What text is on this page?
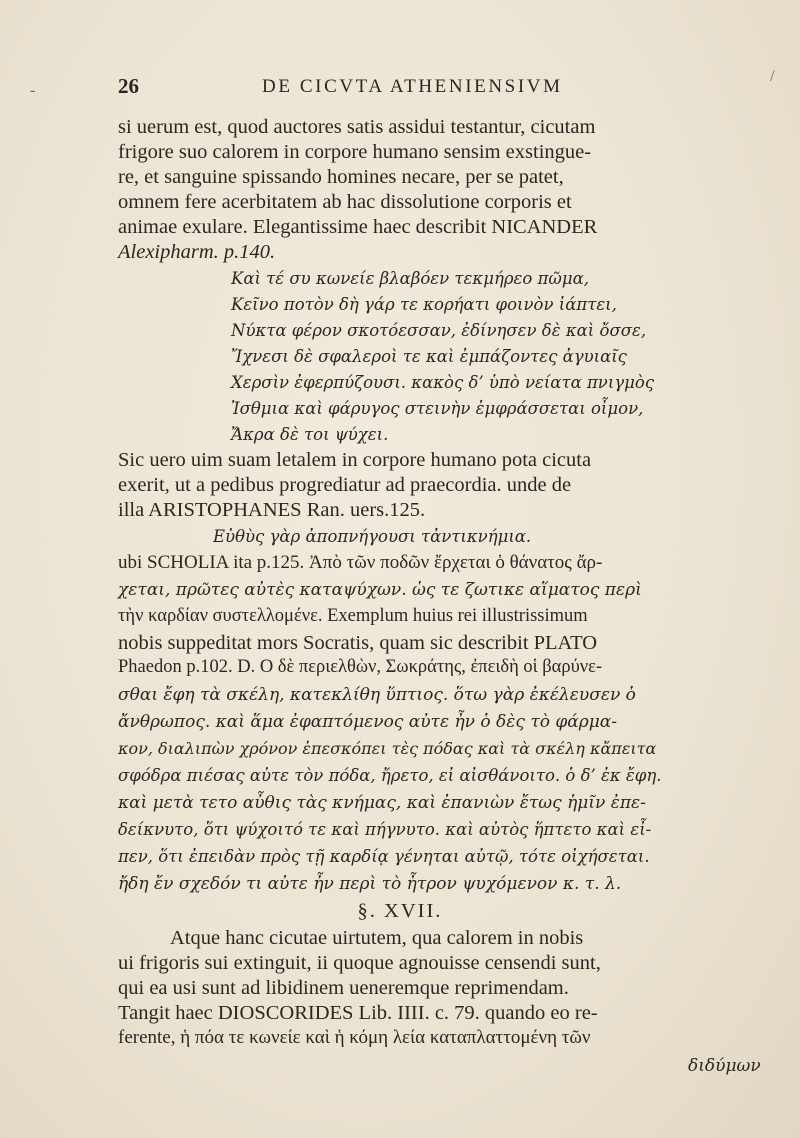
26	DE CICVTA ATHENIENSIVM
si uerum est, quod auctores satis assidui testantur, cicutam
frigore suo calorem in corpore humano sensim exstingue-
re, et sanguine spissando homines necare, per se patet,
omnem fere acerbitatem ab hac dissolutione corporis et
animae exulare. Elegantissime haec describit NICANDER
Alexipharm. p.140.
Καὶ τέ συ κωνείε βλαβόεν τεκμήρεο πῶμα,
Κεῖνο ποτὸν δὴ γάρ τε κορήατι φοινὸν ἰάπτει,
Νύκτα φέρον σκοτόεσσαν, ἐδίνησεν δὲ καὶ ὄσσε,
Ἴχνεσι δὲ σφαλεροὶ τε καὶ ἐμπάζοντες ἀγυιαῖς
Χερσὶν ἐφερπύζουσι. κακὸς δ’ ὑπὸ νείατα πνιγμὸς
Ἰσθμια καὶ φάρυγος στεινὴν ἐμφράσσεται οἶμον,
Ἄκρα δὲ τοι ψύχει.
Sic uero uim suam letalem in corpore humano pota cicuta
exerit, ut a pedibus progrediatur ad praecordia. unde de
illa ARISTOPHANES Ran. uers.125.
Εὐθὺς γὰρ ἀποπνήγουσι τἀντικνήμια.
ubi SCHOLIA ita p.125. Ἀπὸ τῶν ποδῶν ἔρχεται ὁ θάνατος ἄρ-
χεται, πρῶτες αὐτὲς καταψύχων. ὡς τε ζωτικε αἵματος περὶ
τὴν καρδίαν συστελλομένε. Exemplum huius rei illustrissimum
nobis suppeditat mors Socratis, quam sic describit PLATO
Phaedon p.102. D. Ο δὲ περιελθὼν, Σωκράτης, ἐπειδὴ οἱ βαρύνε-
σθαι ἔφη τὰ σκέλη, κατεκλίθη ὕπτιος. ὅτω γὰρ ἐκέλευσεν ὁ
ἄνθρωπος. καὶ ἅμα ἐφαπτόμενος αὐτε ἦν ὁ δὲς τὸ φάρμα-
κον, διαλιπὼν χρόνον ἐπεσκόπει τὲς πόδας καὶ τὰ σκέλη κἄπειτα
σφόδρα πιέσας αὐτε τὸν πόδα, ἤρετο, εἰ αἰσθάνοιτο. ὁ δ’ ἐκ ἔφη.
καὶ μετὰ τετο αὖθις τὰς κνήμας, καὶ ἐπανιὼν ἔτως ἡμῖν ἐπε-
δείκνυτο, ὅτι ψύχοιτό τε καὶ πήγνυτο. καὶ αὐτὸς ἥπτετο καὶ εἶ-
πεν, ὅτι ἐπειδὰν πρὸς τῇ καρδίᾳ γένηται αὐτῷ, τότε οἰχήσεται.
ἤδη ἔν σχεδόν τι αὐτε ἦν περὶ τὸ ἦτρον ψυχόμενον κ. τ. λ.
§. XVII.
Atque hanc cicutae uirtutem, qua calorem in nobis
ui frigoris sui extinguit, ii quoque agnouisse censendi sunt,
qui ea usi sunt ad libidinem ueneremque reprimendam.
Tangit haec DIOSCORIDES Lib. IIII. c. 79. quando eo re-
ferente, ἡ πόα τε κωνείε καὶ ἡ κόμη λεία καταπλαττομένη τῶν
διδύμων
/
-
